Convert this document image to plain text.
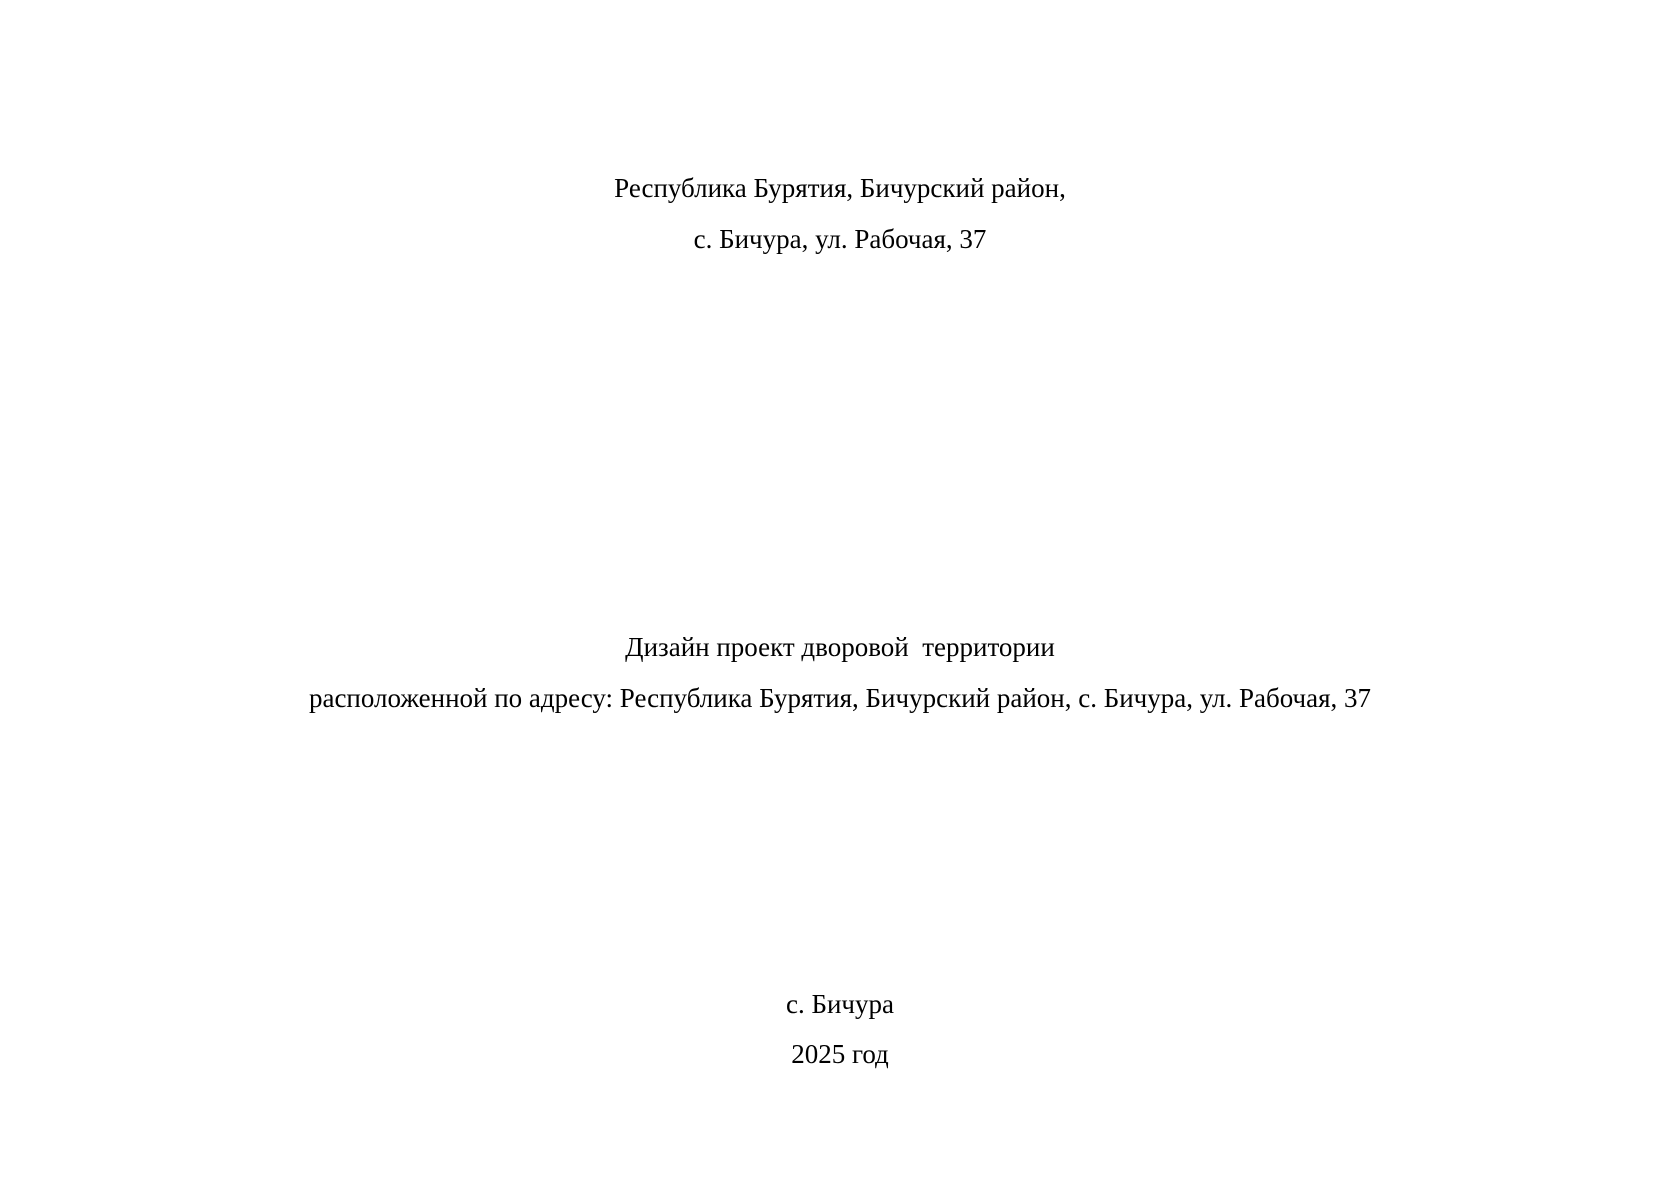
Республика Бурятия, Бичурский район,
с. Бичура, ул. Рабочая, 37
Дизайн проект дворовой  территории
расположенной по адресу: Республика Бурятия, Бичурский район, с. Бичура, ул. Рабочая, 37
с. Бичура
2025 год
